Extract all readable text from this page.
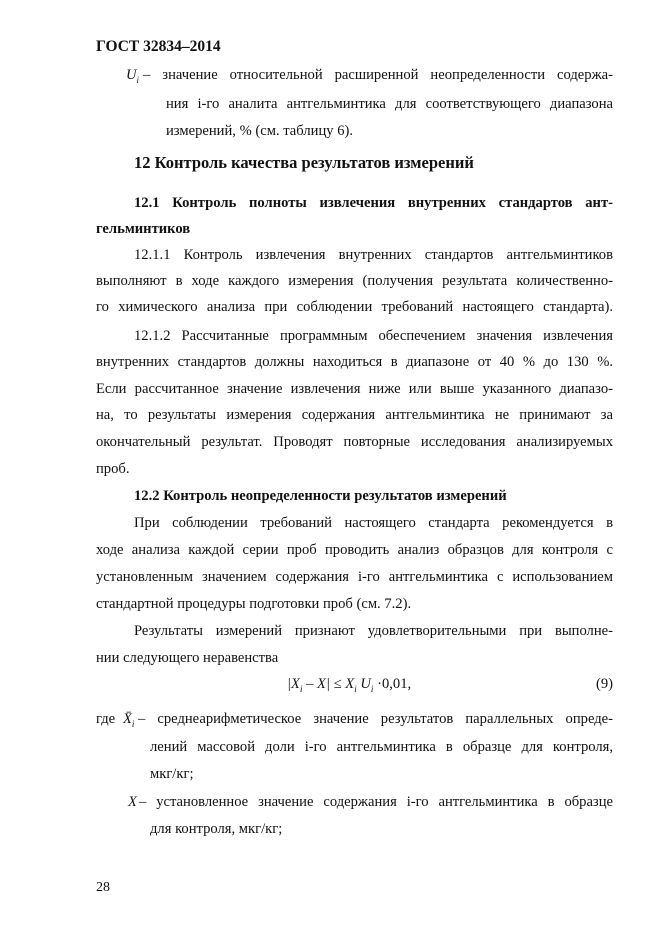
ГОСТ 32834–2014
$U_i$ – значение относительной расширенной неопределенности содержа-
ния i-го аналита антгельминтика для соответствующего диапазона
измерений, % (см. таблицу 6).
12 Контроль качества результатов измерений
12.1 Контроль полноты извлечения внутренних стандартов ант-
гельминтиков
12.1.1 Контроль извлечения внутренних стандартов антгельминтиков
выполняют в ходе каждого измерения (получения результата количественно-
го химического анализа при соблюдении требований настоящего стандарта).
12.1.2 Рассчитанные программным обеспечением значения извлечения
внутренних стандартов должны находиться в диапазоне от 40 % до 130 %.
Если рассчитанное значение извлечения ниже или выше указанного диапазо-
на, то результаты измерения содержания антгельминтика не принимают за
окончательный результат. Проводят повторные исследования анализируемых
проб.
12.2 Контроль неопределенности результатов измерений
При соблюдении требований настоящего стандарта рекомендуется в
ходе анализа каждой серии проб проводить анализ образцов для контроля с
установленным значением содержания i-го антгельминтика с использованием
стандартной процедуры подготовки проб (см. 7.2).
Результаты измерений признают удовлетворительными при выполне-
нии следующего неравенства
$|X_i - X| \le X_i$ $U_i \cdot 0,01$,	(9)
где $X̄_i$ – среднеарифметическое значение результатов параллельных опреде-
лений массовой доли i-го антгельминтика в образце для контроля,
мкг/кг;
X – установленное значение содержания i-го антгельминтика в образце
для контроля, мкг/кг;
28
